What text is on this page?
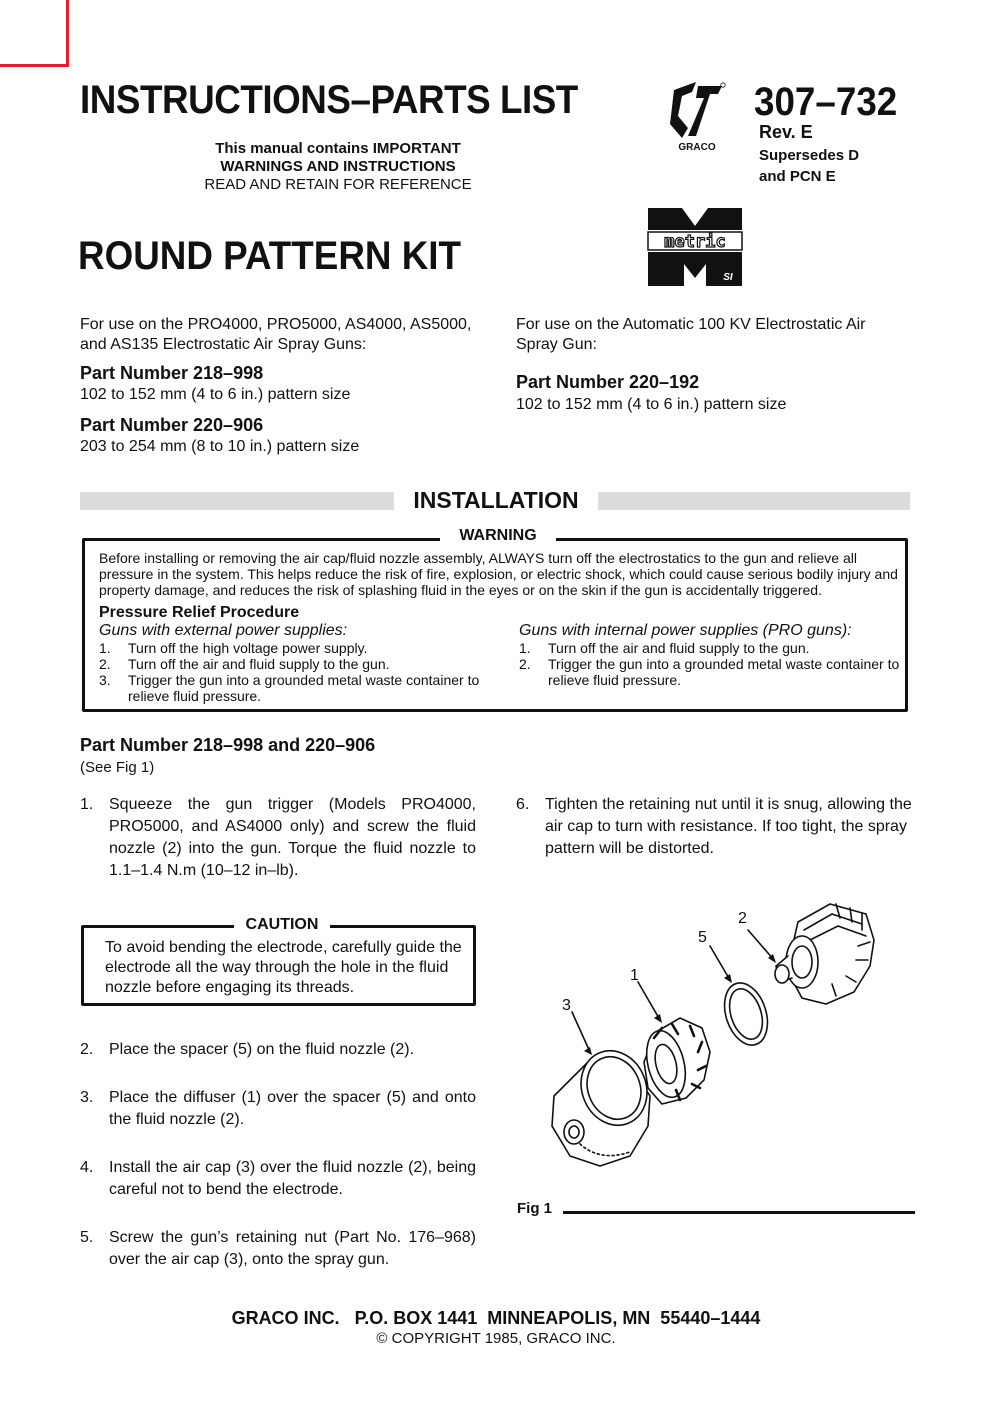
INSTRUCTIONS–PARTS LIST
This manual contains IMPORTANT
WARNINGS AND INSTRUCTIONS
READ AND RETAIN FOR REFERENCE
GRACO
307–732
Rev. E
Supersedes D
and PCN E
ROUND PATTERN KIT	metric
SI
For use on the PRO4000, PRO5000, AS4000, AS5000,
and AS135 Electrostatic Air Spray Guns:
Part Number 218–998
102 to 152 mm (4 to 6 in.) pattern size
Part Number 220–906
203 to 254 mm (8 to 10 in.) pattern size
For use on the Automatic 100 KV Electrostatic Air
Spray Gun:
Part Number 220–192
102 to 152 mm (4 to 6 in.) pattern size
INSTALLATION
WARNING
Before installing or removing the air cap/fluid nozzle assembly, ALWAYS turn off the electrostatics to the gun and relieve all pressure in the system. This helps reduce the risk of fire, explosion, or electric shock, which could cause serious bodily injury and property damage, and reduces the risk of splashing fluid in the eyes or on the skin if the gun is accidentally triggered.
Pressure Relief Procedure
Guns with external power supplies:
1. Turn off the high voltage power supply.
2. Turn off the air and fluid supply to the gun.
3. Trigger the gun into a grounded metal waste container to relieve fluid pressure.
Guns with internal power supplies (PRO guns):
1. Turn off the air and fluid supply to the gun.
2. Trigger the gun into a grounded metal waste container to relieve fluid pressure.
Part Number 218–998 and 220–906
(See Fig 1)
1. Squeeze the gun trigger (Models PRO4000, PRO5000, and AS4000 only) and screw the fluid nozzle (2) into the gun. Torque the fluid nozzle to 1.1–1.4 N.m (10–12 in–lb).
CAUTION
To avoid bending the electrode, carefully guide the electrode all the way through the hole in the fluid nozzle before engaging its threads.
2. Place the spacer (5) on the fluid nozzle (2).
3. Place the diffuser (1) over the spacer (5) and onto the fluid nozzle (2).
4. Install the air cap (3) over the fluid nozzle (2), being careful not to bend the electrode.
5. Screw the gun’s retaining nut (Part No. 176–968) over the air cap (3), onto the spray gun.
6. Tighten the retaining nut until it is snug, allowing the air cap to turn with resistance. If too tight, the spray pattern will be distorted.
2
5
1
3
Fig 1
GRACO INC.   P.O. BOX 1441  MINNEAPOLIS, MN  55440–1444
© COPYRIGHT 1985, GRACO INC.
